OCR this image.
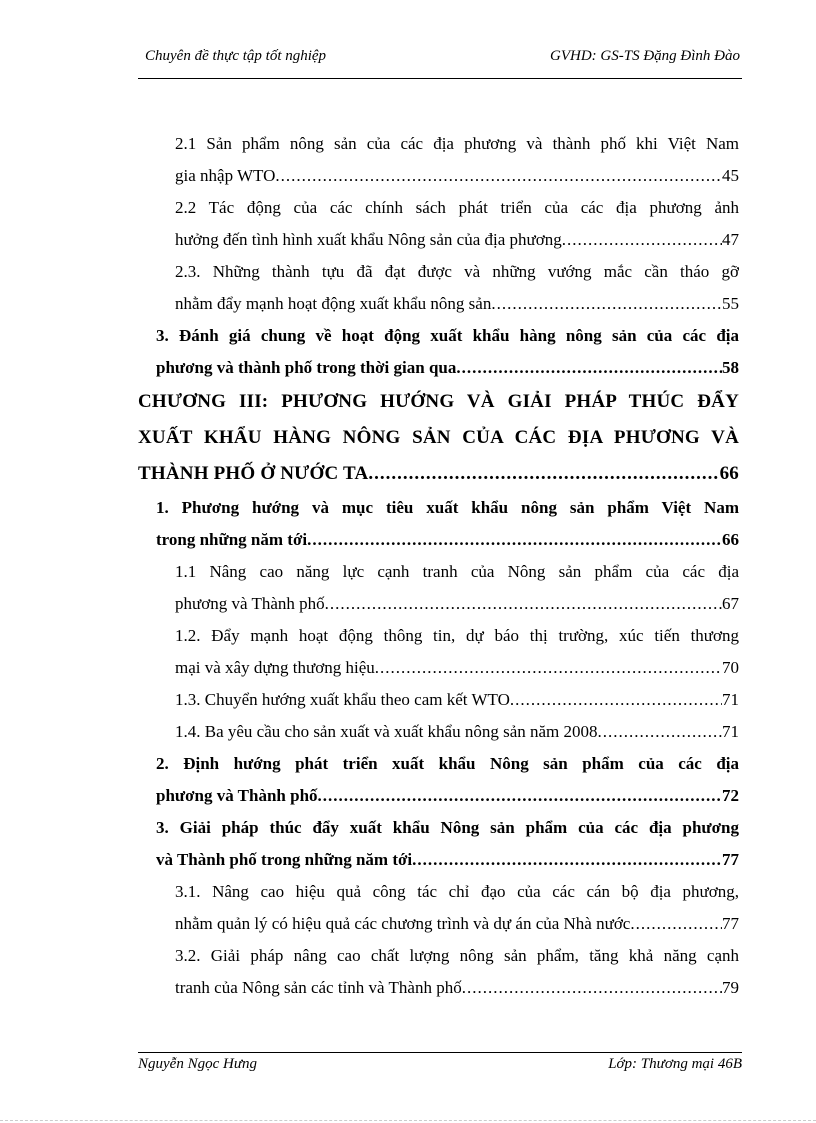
Chuyên đề thực tập tốt nghiệp	GVHD: GS-TS Đặng Đình Đào
2.1 Sản phẩm nông sản của các địa phương và thành phố khi Việt Nam
gia nhập WTO .....	45
2.2 Tác động của các chính sách phát triển của các địa phương ảnh
hưởng đến tình hình xuất khẩu Nông sản của địa phương .....	47
2.3. Những thành tựu đã đạt được và những vướng mắc cần tháo gỡ
nhằm đẩy mạnh hoạt động xuất khẩu nông sản .....	55
3. Đánh giá chung về hoạt động xuất khẩu hàng nông sản của các địa
phương và thành phố trong thời gian qua .....	58
CHƯƠNG III: PHƯƠNG HƯỚNG VÀ GIẢI PHÁP THÚC ĐẨY
XUẤT KHẨU HÀNG NÔNG SẢN CỦA CÁC ĐỊA PHƯƠNG VÀ
THÀNH PHỐ Ở NƯỚC TA .....	66
1. Phương hướng và mục tiêu xuất khẩu nông sản phẩm Việt Nam
trong những năm tới .....	66
1.1 Nâng cao năng lực cạnh tranh của Nông sản phẩm của các địa
phương và Thành phố .....	67
1.2. Đẩy mạnh hoạt động thông tin, dự báo thị trường, xúc tiến thương
mại và xây dựng thương hiệu .....	70
1.3. Chuyển hướng xuất khẩu theo cam kết WTO .....	71
1.4. Ba yêu cầu cho sản xuất và xuất khẩu nông sản năm 2008 .....	71
2. Định hướng phát triển xuất khẩu Nông sản phẩm của các địa
phương và Thành phố .....	72
3. Giải pháp thúc đẩy xuất khẩu Nông sản phẩm của các địa phương
và Thành phố trong những năm tới .....	77
3.1. Nâng cao hiệu quả công tác chỉ đạo của các cán bộ địa phương,
nhằm quản lý có hiệu quả các chương trình và dự án của Nhà nước .....	77
3.2. Giải pháp nâng cao chất lượng nông sản phẩm, tăng khả năng cạnh
tranh của Nông sản các tỉnh và Thành phố .....	79
Nguyễn Ngọc Hưng	Lớp: Thương mại 46B
